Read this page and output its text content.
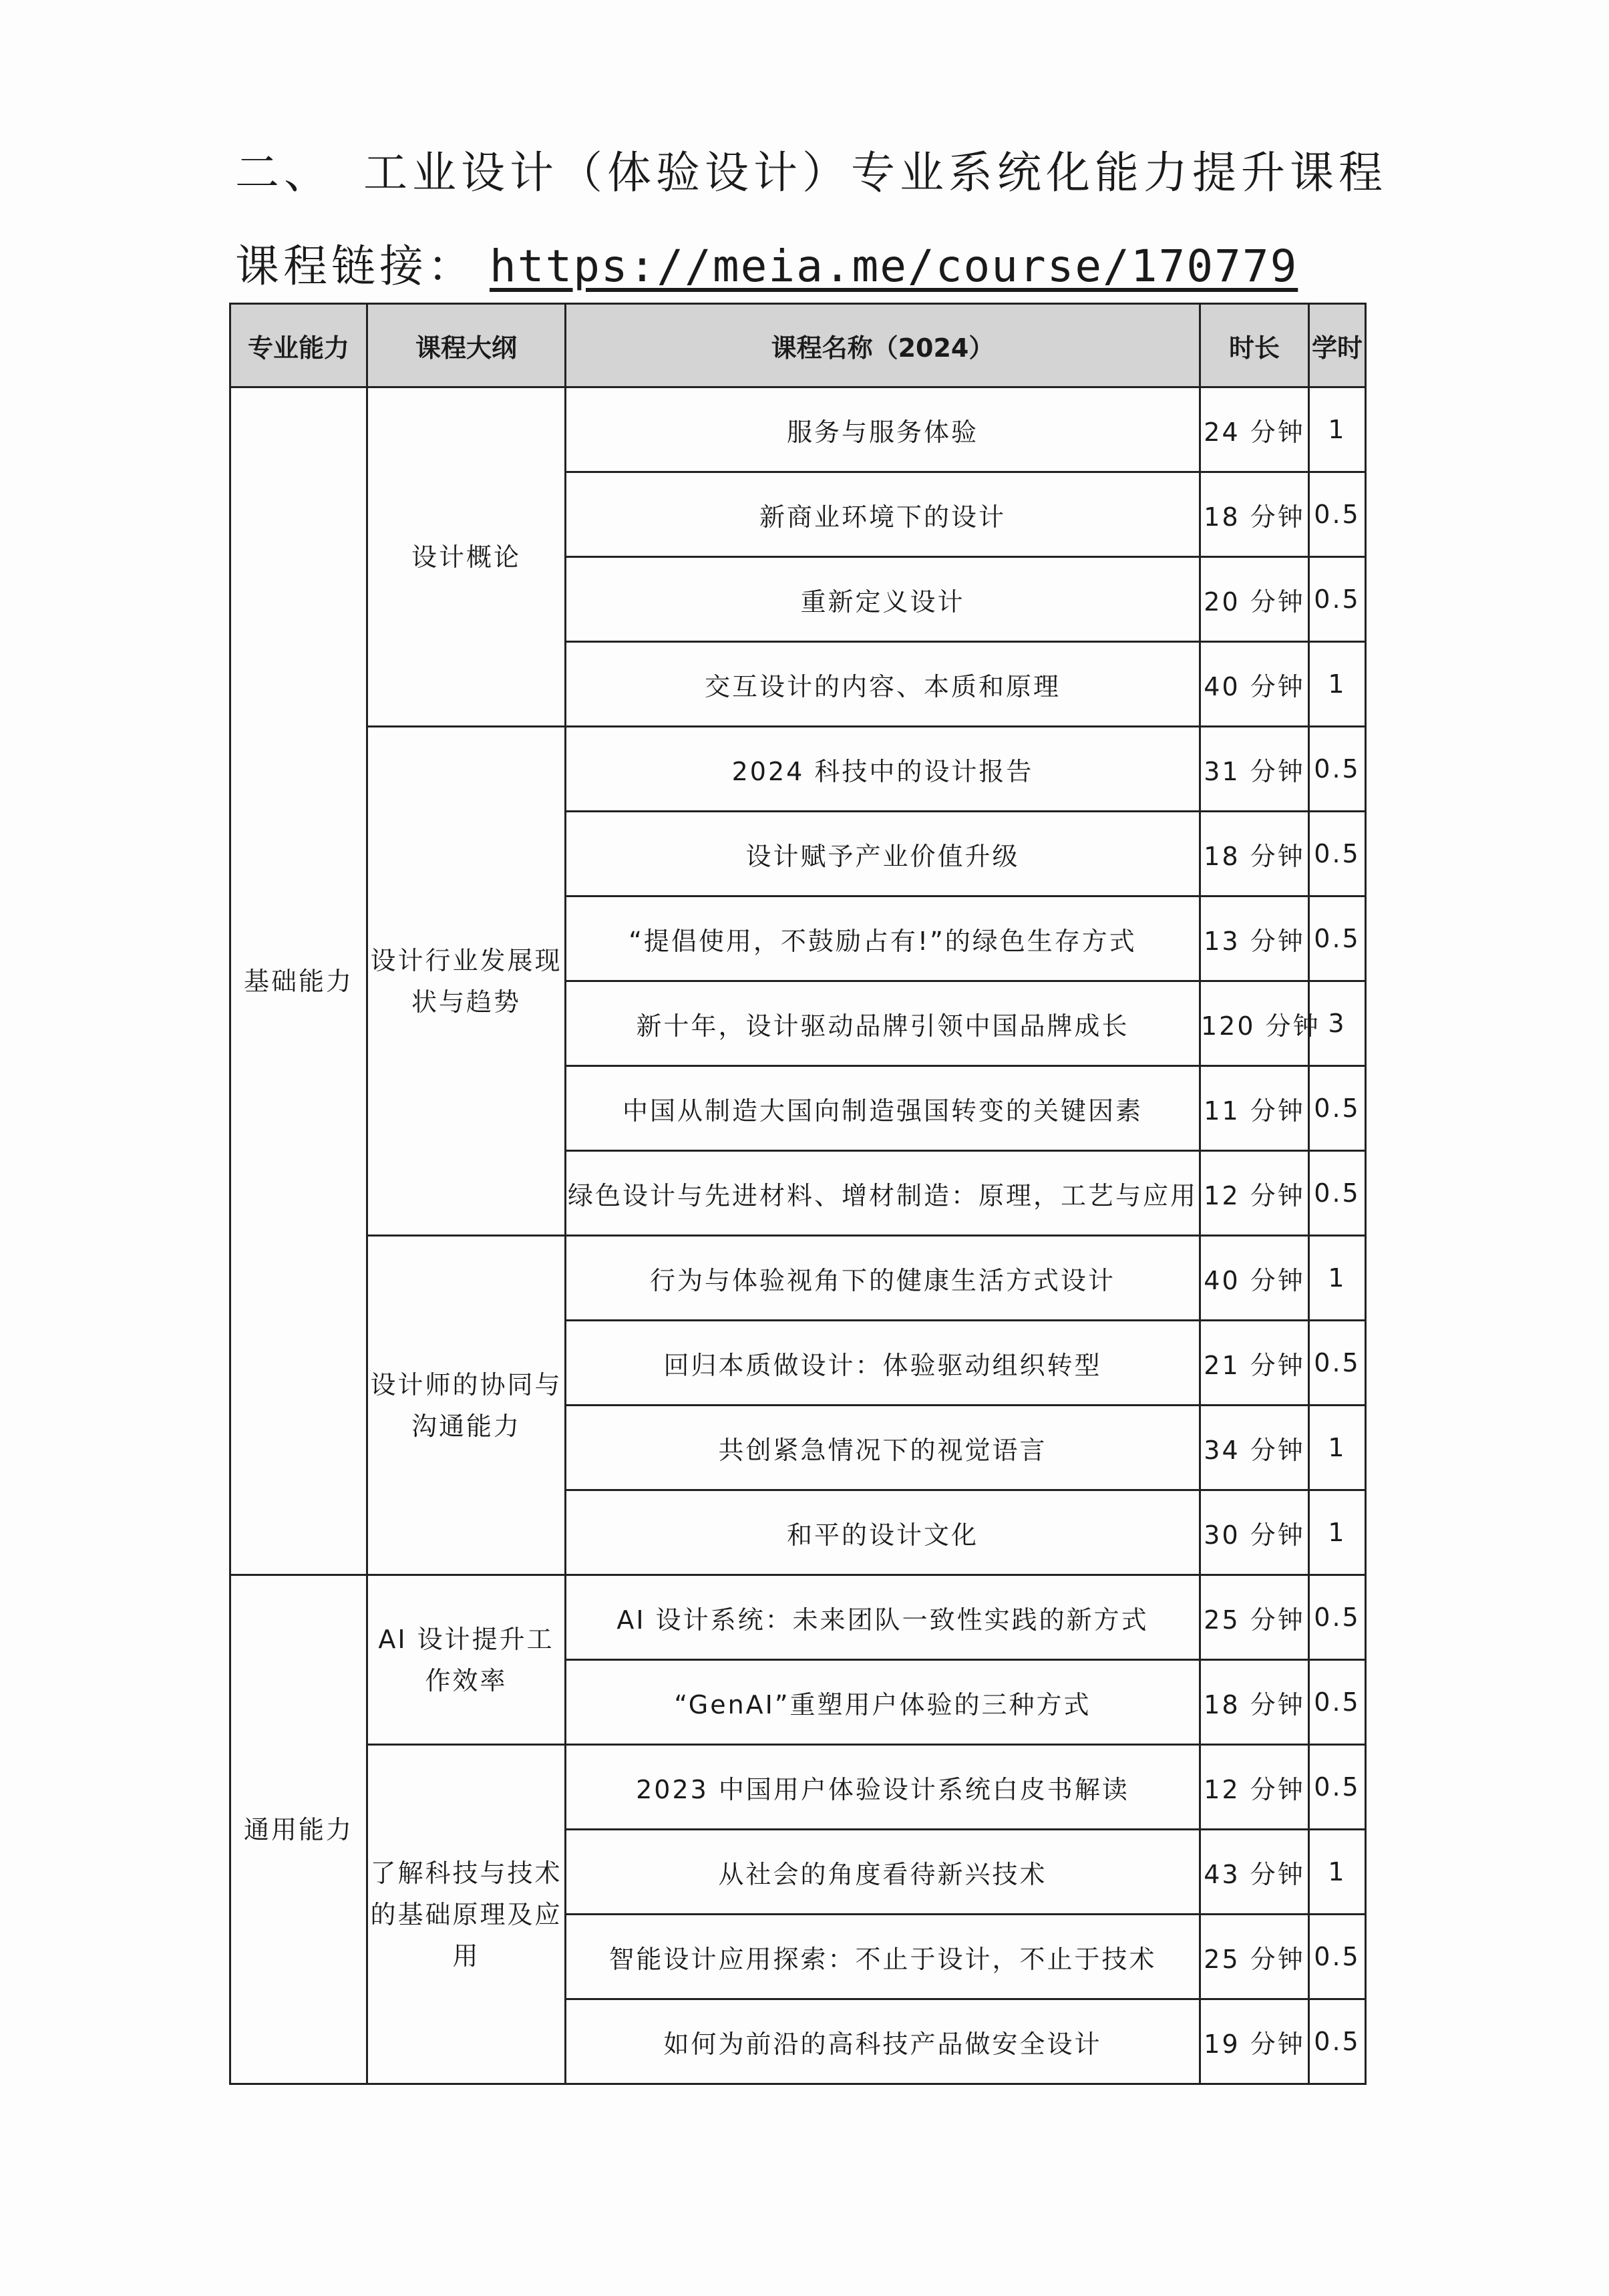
二、 工业设计（体验设计）专业系统化能力提升课程
课程链接： https://meia.me/course/170779
专业能力	课程大纲	课程名称（2024）	时长	学时
基础能力	设计概论	服务与服务体验	24 分钟	1
		新商业环境下的设计	18 分钟	0.5
		重新定义设计	20 分钟	0.5
		交互设计的内容、本质和原理	40 分钟	1
	设计行业发展现状与趋势	2024 科技中的设计报告	31 分钟	0.5
		设计赋予产业价值升级	18 分钟	0.5
		“提倡使用，不鼓励占有!”的绿色生存方式	13 分钟	0.5
		新十年，设计驱动品牌引领中国品牌成长	120 分钟	3
		中国从制造大国向制造强国转变的关键因素	11 分钟	0.5
		绿色设计与先进材料、增材制造：原理，工艺与应用	12 分钟	0.5
	设计师的协同与沟通能力	行为与体验视角下的健康生活方式设计	40 分钟	1
		回归本质做设计：体验驱动组织转型	21 分钟	0.5
		共创紧急情况下的视觉语言	34 分钟	1
		和平的设计文化	30 分钟	1
通用能力	AI 设计提升工作效率	AI 设计系统：未来团队一致性实践的新方式	25 分钟	0.5
		“GenAI”重塑用户体验的三种方式	18 分钟	0.5
	了解科技与技术的基础原理及应用	2023 中国用户体验设计系统白皮书解读	12 分钟	0.5
		从社会的角度看待新兴技术	43 分钟	1
		智能设计应用探索：不止于设计，不止于技术	25 分钟	0.5
		如何为前沿的高科技产品做安全设计	19 分钟	0.5
